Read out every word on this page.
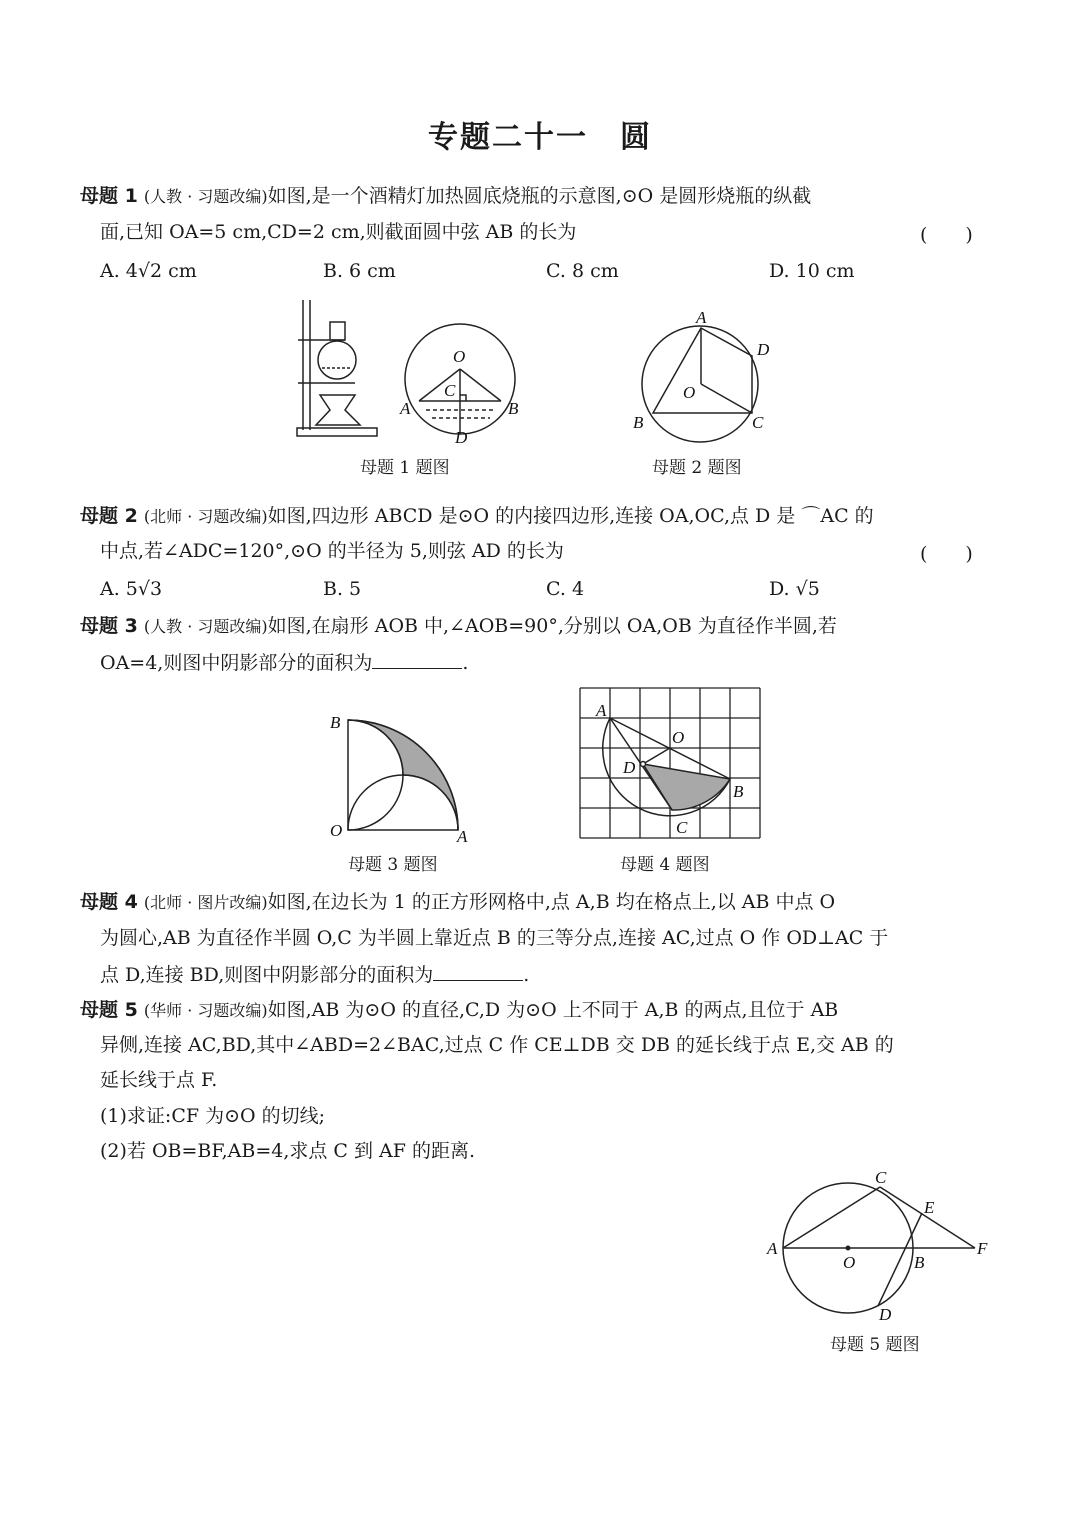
专题二十一　圆
母题 1 (人教 · 习题改编)如图,是一个酒精灯加热圆底烧瓶的示意图,⊙O 是圆形烧瓶的纵截
面,已知 OA=5 cm,CD=2 cm,则截面圆中弦 AB 的长为	(　　)
A. 4√2 cm	B. 6 cm	C. 8 cm	D. 10 cm
O
A	B
C
D
A
D
O
B	C
B
O	A
A
O
D
B
C
A
O	B
C
E
F
D
母题 1 题图	母题 2 题图
母题 2 (北师 · 习题改编)如图,四边形 ABCD 是⊙O 的内接四边形,连接 OA,OC,点 D 是 ⌒AC 的
中点,若∠ADC=120°,⊙O 的半径为 5,则弦 AD 的长为	(　　)
A. 5√3	B. 5	C. 4	D. √5
母题 3 (人教 · 习题改编)如图,在扇形 AOB 中,∠AOB=90°,分别以 OA,OB 为直径作半圆,若
OA=4,则图中阴影部分的面积为	.
母题 3 题图	母题 4 题图
母题 4 (北师 · 图片改编)如图,在边长为 1 的正方形网格中,点 A,B 均在格点上,以 AB 中点 O
为圆心,AB 为直径作半圆 O,C 为半圆上靠近点 B 的三等分点,连接 AC,过点 O 作 OD⊥AC 于
点 D,连接 BD,则图中阴影部分的面积为	.
母题 5 (华师 · 习题改编)如图,AB 为⊙O 的直径,C,D 为⊙O 上不同于 A,B 的两点,且位于 AB
异侧,连接 AC,BD,其中∠ABD=2∠BAC,过点 C 作 CE⊥DB 交 DB 的延长线于点 E,交 AB 的
延长线于点 F.
(1)求证:CF 为⊙O 的切线;
(2)若 OB=BF,AB=4,求点 C 到 AF 的距离.
母题 5 题图
